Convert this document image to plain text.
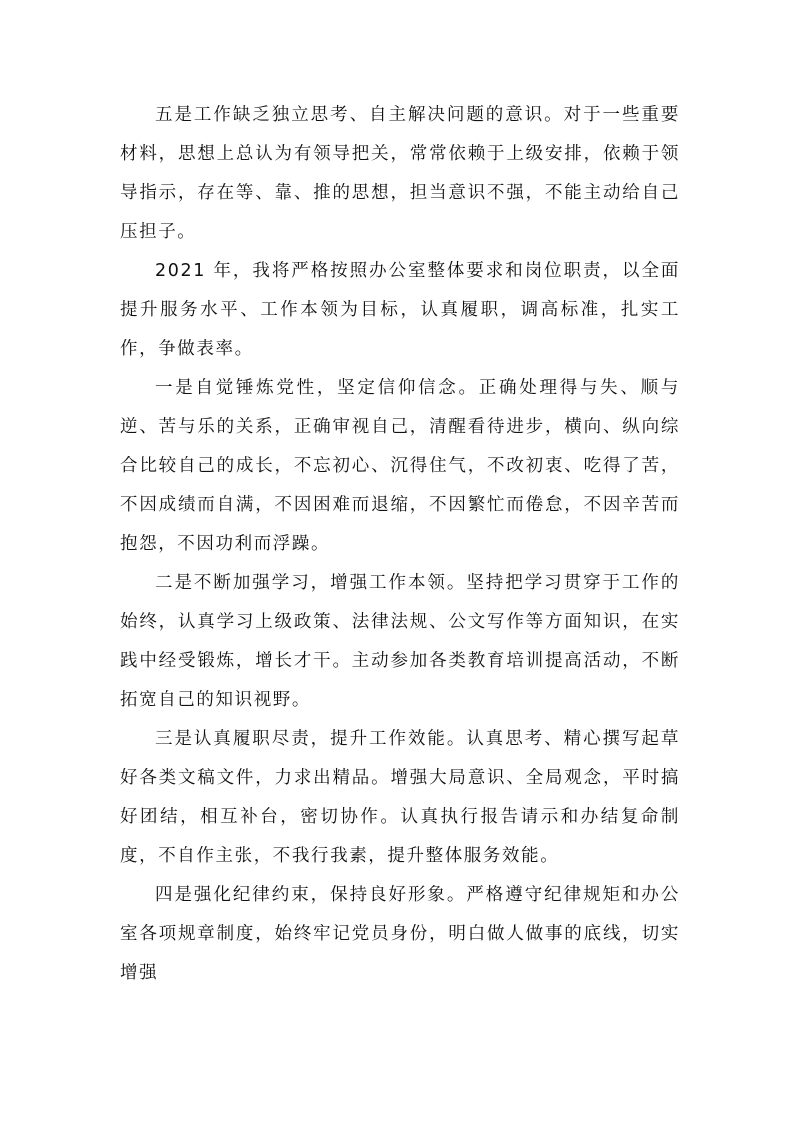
五是工作缺乏独立思考、自主解决问题的意识。对于一些重要材料，思想上总认为有领导把关，常常依赖于上级安排，依赖于领导指示，存在等、靠、推的思想，担当意识不强，不能主动给自己压担子。

2021 年，我将严格按照办公室整体要求和岗位职责，以全面提升服务水平、工作本领为目标，认真履职，调高标准，扎实工作，争做表率。

一是自觉锤炼党性，坚定信仰信念。正确处理得与失、顺与逆、苦与乐的关系，正确审视自己，清醒看待进步，横向、纵向综合比较自己的成长，不忘初心、沉得住气，不改初衷、吃得了苦，不因成绩而自满，不因困难而退缩，不因繁忙而倦怠，不因辛苦而抱怨，不因功利而浮躁。

二是不断加强学习，增强工作本领。坚持把学习贯穿于工作的始终，认真学习上级政策、法律法规、公文写作等方面知识，在实践中经受锻炼，增长才干。主动参加各类教育培训提高活动，不断拓宽自己的知识视野。

三是认真履职尽责，提升工作效能。认真思考、精心撰写起草好各类文稿文件，力求出精品。增强大局意识、全局观念，平时搞好团结，相互补台，密切协作。认真执行报告请示和办结复命制度，不自作主张，不我行我素，提升整体服务效能。

四是强化纪律约束，保持良好形象。严格遵守纪律规矩和办公室各项规章制度，始终牢记党员身份，明白做人做事的底线，切实增强
